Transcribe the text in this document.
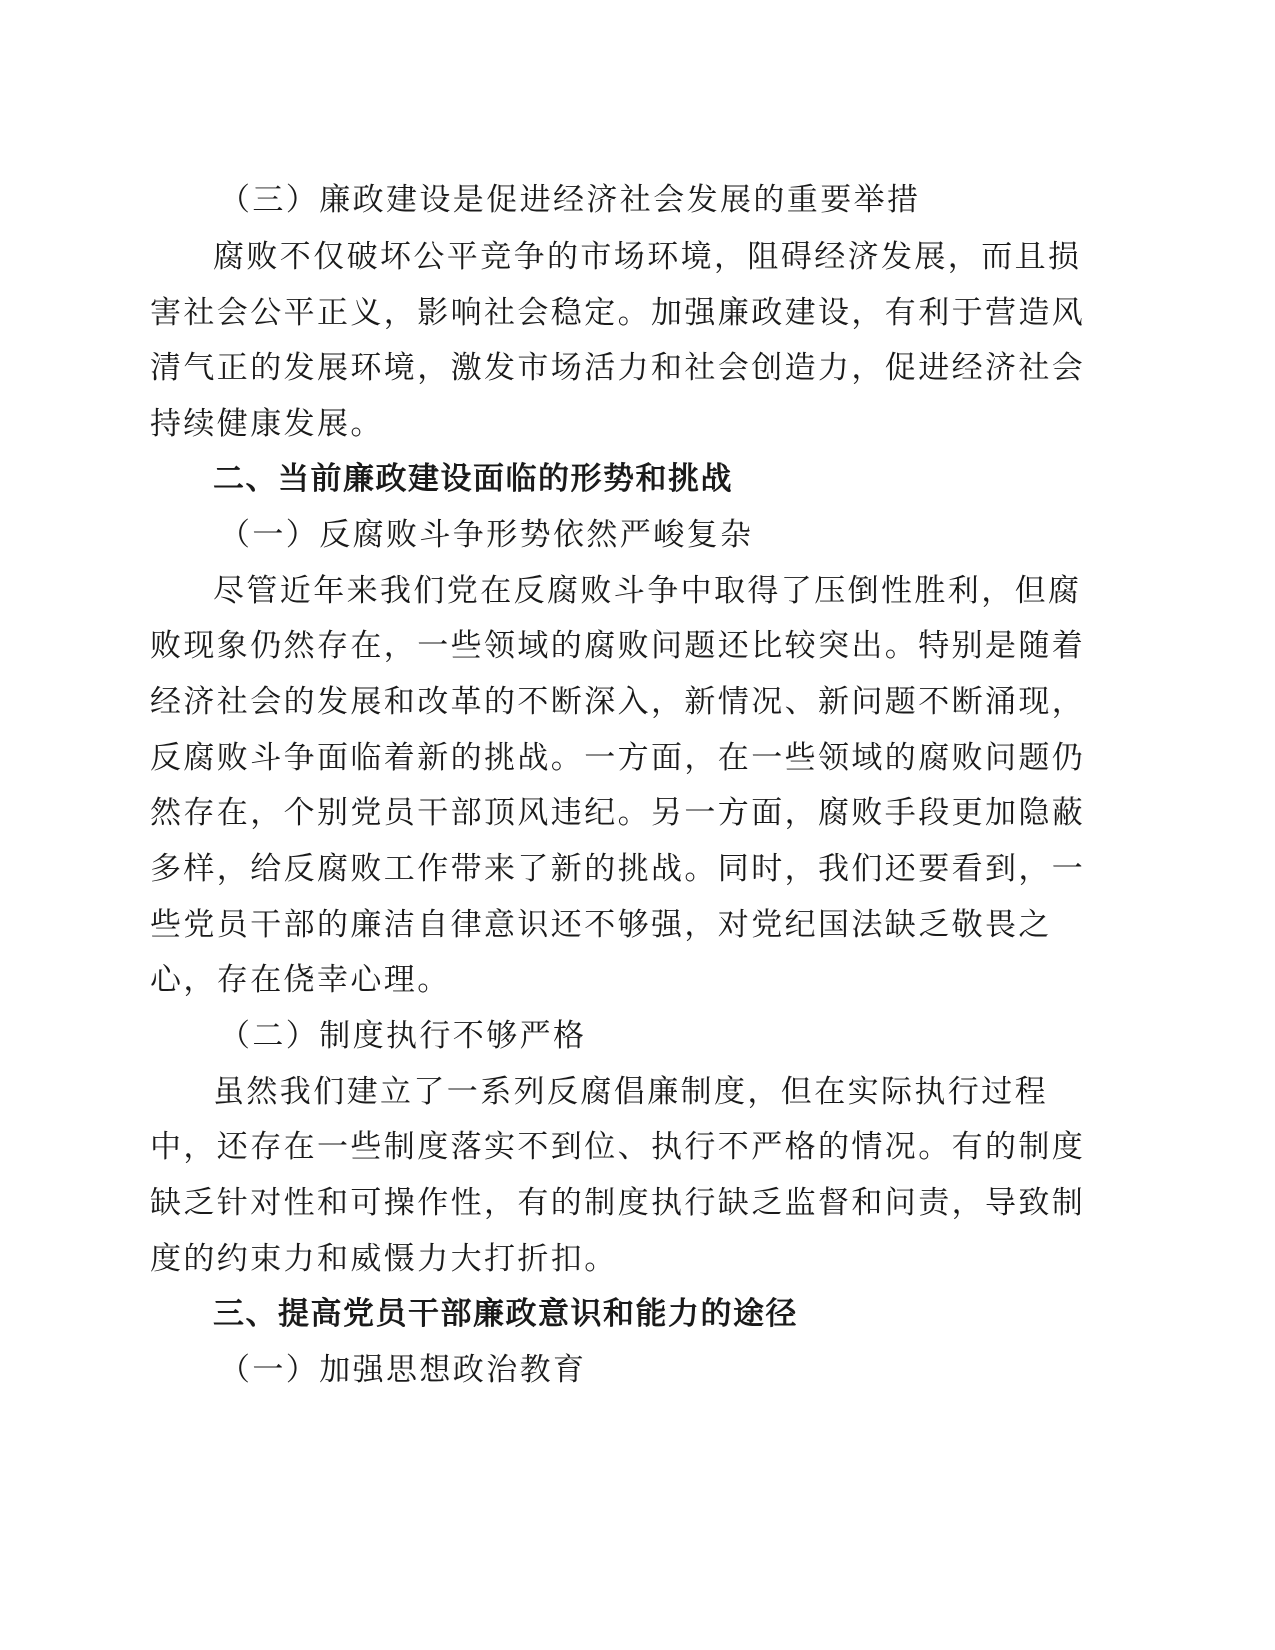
（三）廉政建设是促进经济社会发展的重要举措
腐败不仅破坏公平竞争的市场环境，阻碍经济发展，而且损
害社会公平正义，影响社会稳定。加强廉政建设，有利于营造风
清气正的发展环境，激发市场活力和社会创造力，促进经济社会
持续健康发展。
二、当前廉政建设面临的形势和挑战
（一）反腐败斗争形势依然严峻复杂
尽管近年来我们党在反腐败斗争中取得了压倒性胜利，但腐
败现象仍然存在，一些领域的腐败问题还比较突出。特别是随着
经济社会的发展和改革的不断深入，新情况、新问题不断涌现，
反腐败斗争面临着新的挑战。一方面，在一些领域的腐败问题仍
然存在，个别党员干部顶风违纪。另一方面，腐败手段更加隐蔽
多样，给反腐败工作带来了新的挑战。同时，我们还要看到，一
些党员干部的廉洁自律意识还不够强，对党纪国法缺乏敬畏之
心，存在侥幸心理。
（二）制度执行不够严格
虽然我们建立了一系列反腐倡廉制度，但在实际执行过程
中，还存在一些制度落实不到位、执行不严格的情况。有的制度
缺乏针对性和可操作性，有的制度执行缺乏监督和问责，导致制
度的约束力和威慑力大打折扣。
三、提高党员干部廉政意识和能力的途径
（一）加强思想政治教育
